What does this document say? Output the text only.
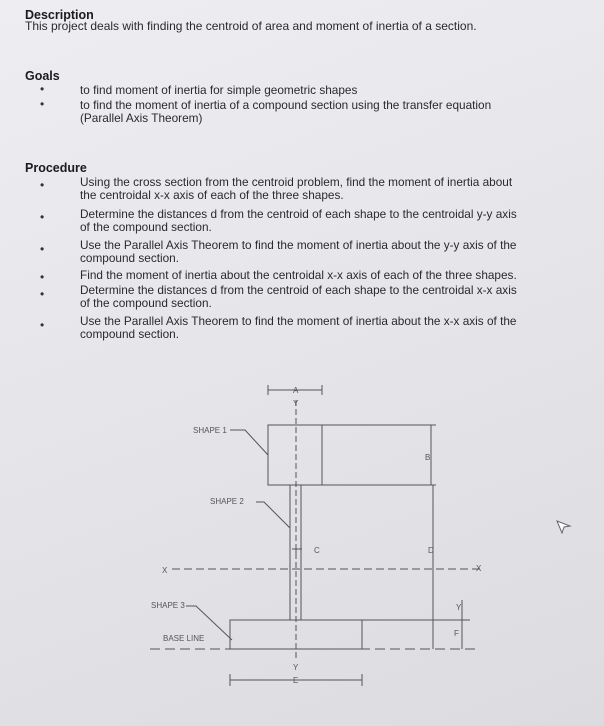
Description
This project deals with finding the centroid of area and moment of inertia of a section.
Goals
•	to find moment of inertia for simple geometric shapes
•	to find the moment of inertia of a compound section using the transfer equation
(Parallel Axis Theorem)
Procedure
•	Using the cross section from the centroid problem, find the moment of inertia about
the centroidal x-x axis of each of the three shapes.
•	Determine the distances d from the centroid of each shape to the centroidal y-y axis
of the compound section.
•	Use the Parallel Axis Theorem to find the moment of inertia about the y-y axis of the
compound section.
•	Find the moment of inertia about the centroidal x-x axis of each of the three shapes.
•	Determine the distances d from the centroid of each shape to the centroidal x-x axis
of the compound section.
•	Use the Parallel Axis Theorem to find the moment of inertia about the x-x axis of the
compound section.
SHAPE 1
SHAPE 2
SHAPE 3
BASE LINE
A
Y
B
C	D
X	X
Y
F
Y
E
